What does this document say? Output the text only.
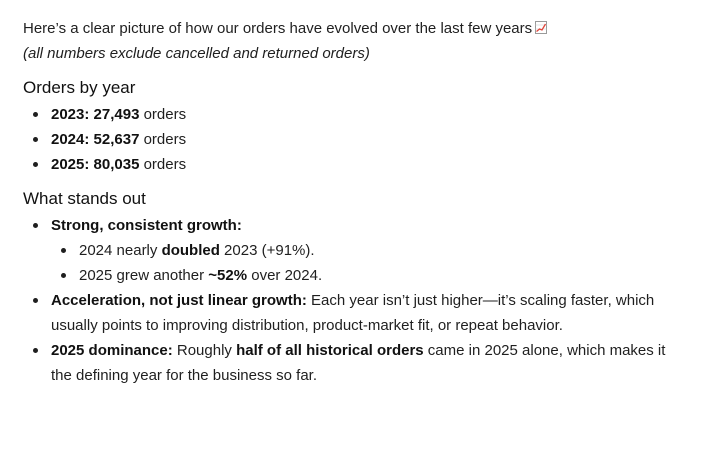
Here’s a clear picture of how our orders have evolved over the last few years

(all numbers exclude cancelled and returned orders)

Orders by year
2023: 27,493 orders
2024: 52,637 orders
2025: 80,035 orders
What stands out
Strong, consistent growth:
2024 nearly doubled 2023 (+91%).
2025 grew another ~52% over 2024.
Acceleration, not just linear growth: Each year isn’t just higher—it’s scaling faster, which usually points to improving distribution, product-market fit, or repeat behavior.
2025 dominance: Roughly half of all historical orders came in 2025 alone, which makes it the defining year for the business so far.
